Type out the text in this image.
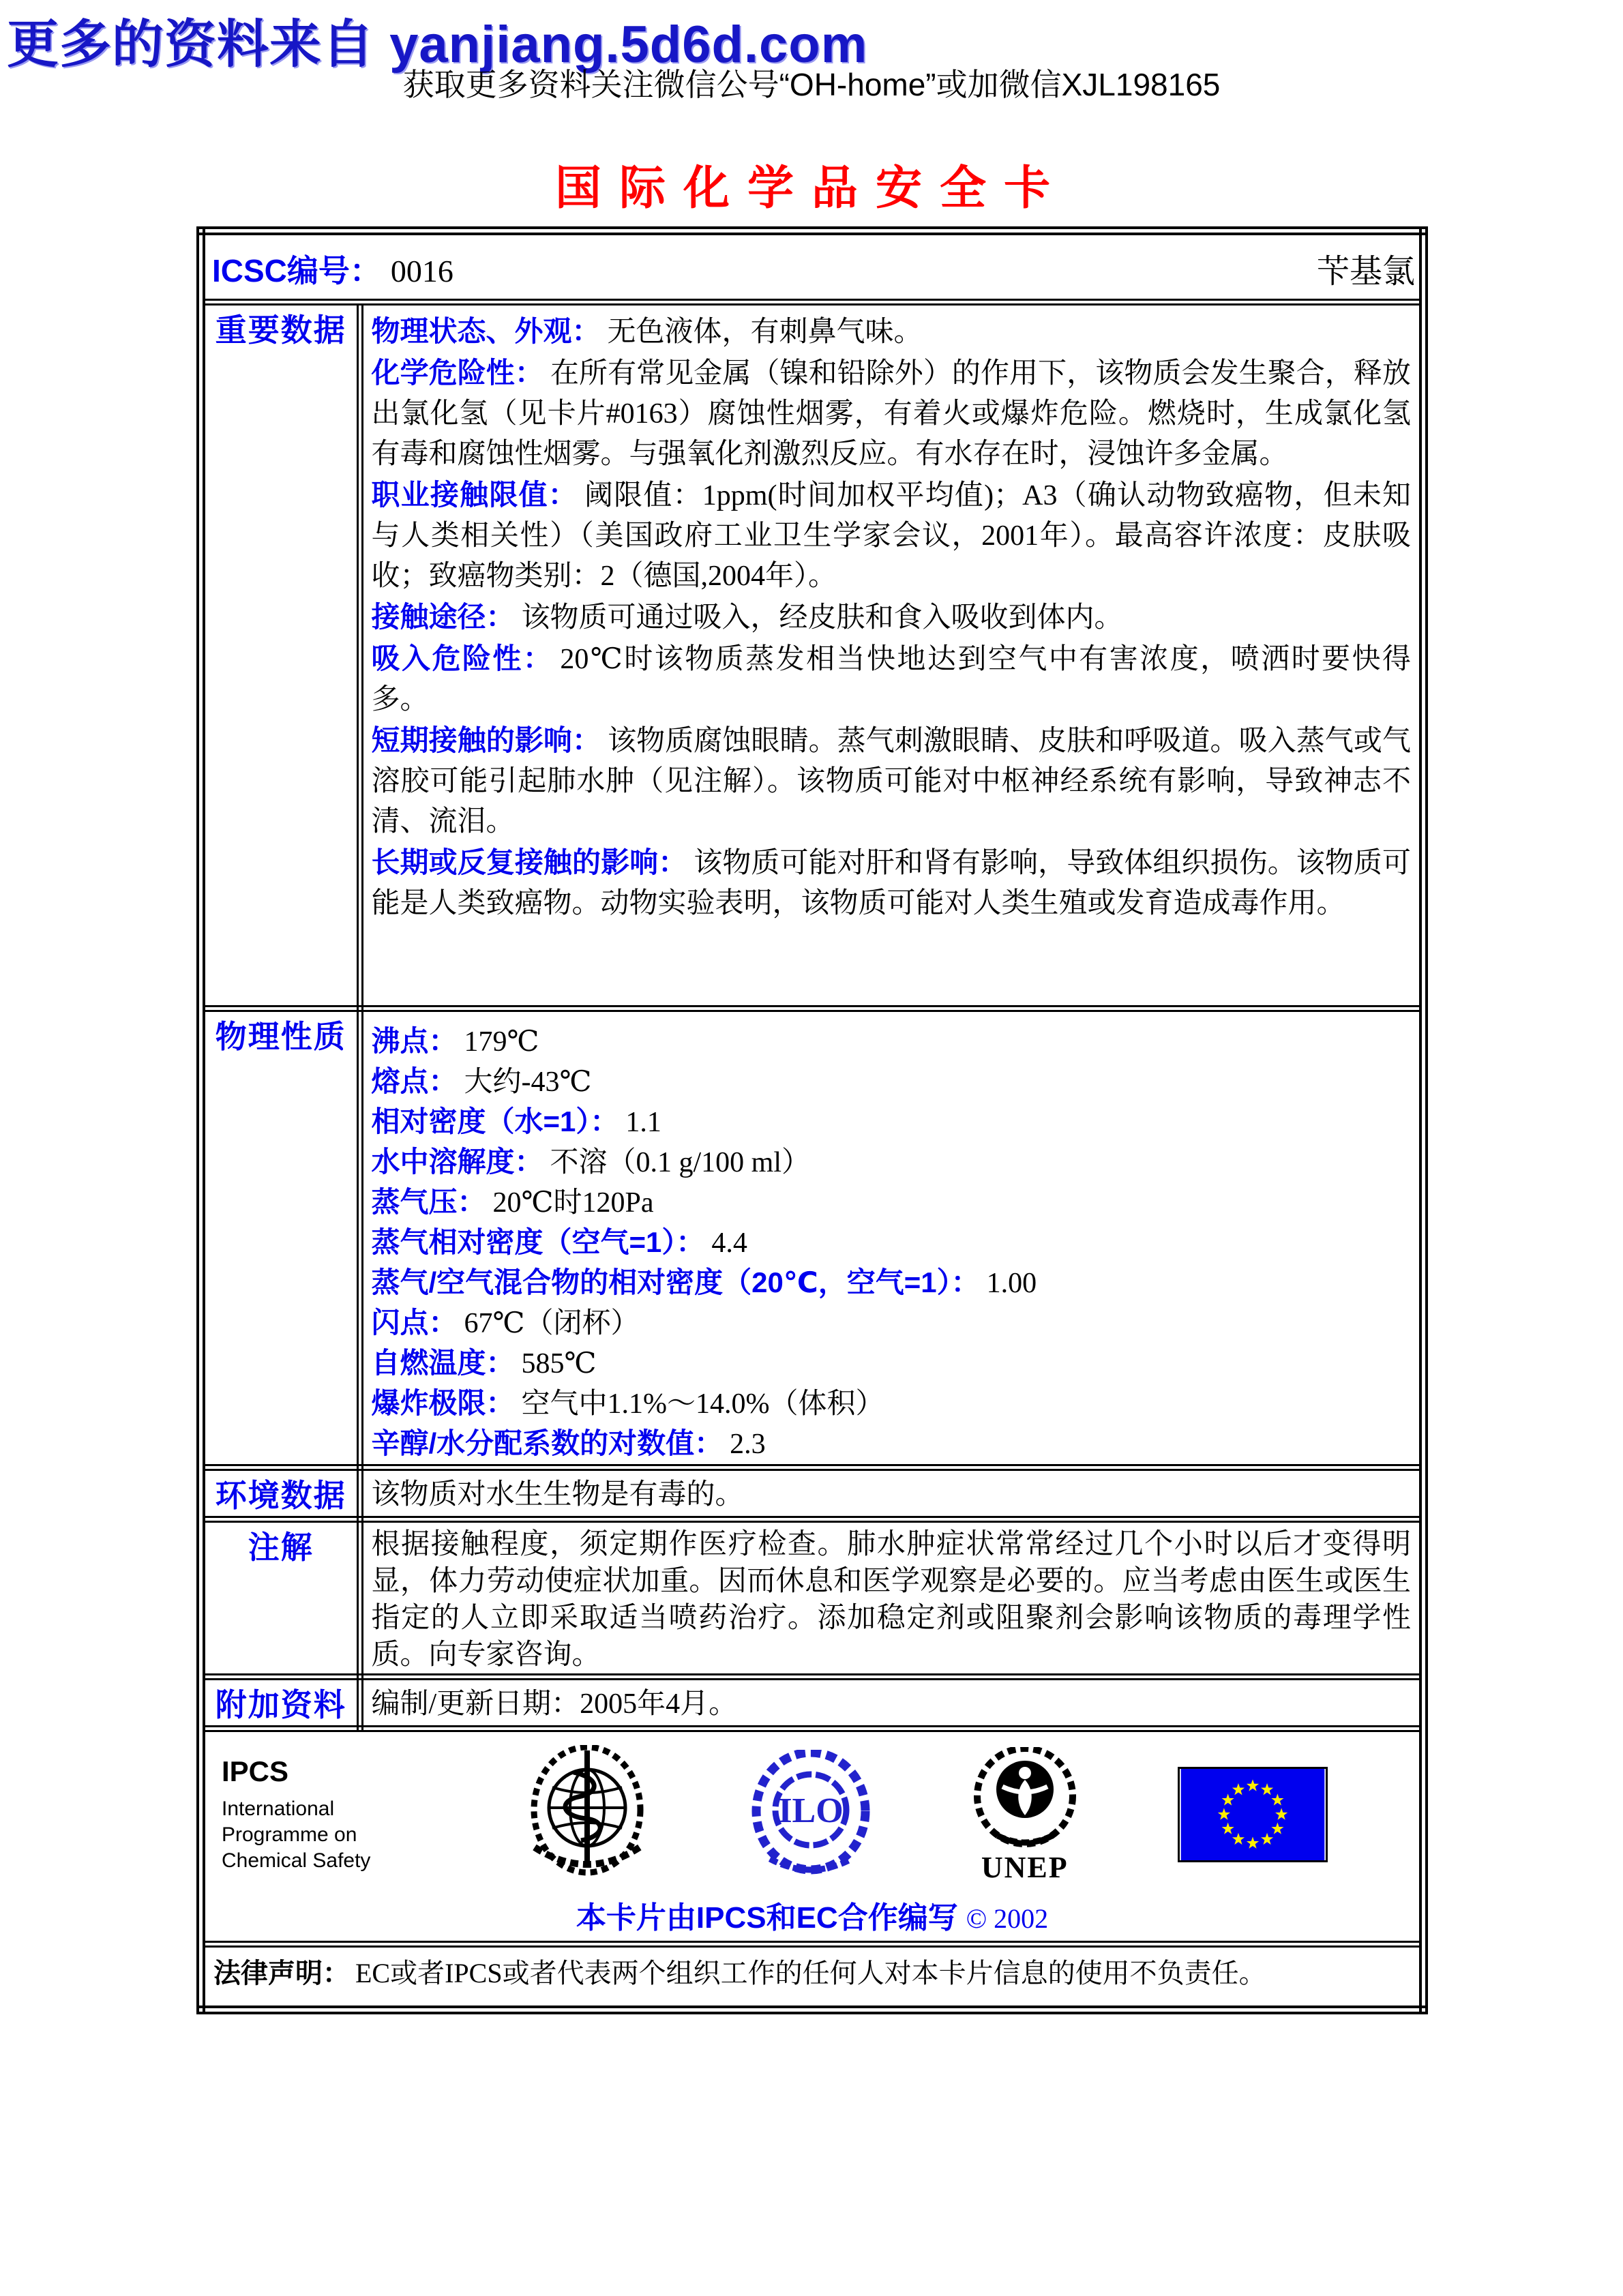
更多的资料来自 yanjiang.5d6d.com
获取更多资料关注微信公号“OH-home”或加微信XJL198165
国际化学品安全卡
ICSC编号： 0016 苄基氯	

重要数据	物理状态、外观： 无色液体，有刺鼻气味。

化学危险性： 在所有常见金属（镍和铅除外）的作用下，该物质会发生聚合，释放出氯化氢（见卡片#0163）腐蚀性烟雾，有着火或爆炸危险。燃烧时，生成氯化氢有毒和腐蚀性烟雾。与强氧化剂激烈反应。有水存在时，浸蚀许多金属。

职业接触限值： 阈限值：1ppm(时间加权平均值)；A3（确认动物致癌物，但未知与人类相关性）（美国政府工业卫生学家会议，2001年）。最高容许浓度：皮肤吸收；致癌物类别：2（德国,2004年）。

接触途径： 该物质可通过吸入，经皮肤和食入吸收到体内。

吸入危险性： 20℃时该物质蒸发相当快地达到空气中有害浓度，喷洒时要快得多。

短期接触的影响： 该物质腐蚀眼睛。蒸气刺激眼睛、皮肤和呼吸道。吸入蒸气或气溶胶可能引起肺水肿（见注解）。该物质可能对中枢神经系统有影响，导致神志不清、流泪。

长期或反复接触的影响： 该物质可能对肝和肾有影响，导致体组织损伤。该物质可能是人类致癌物。动物实验表明，该物质可能对人类生殖或发育造成毒作用。

物理性质	沸点： 179℃

熔点： 大约-43℃

相对密度（水=1）： 1.1

水中溶解度： 不溶（0.1 g/100 ml）

蒸气压： 20℃时120Pa

蒸气相对密度（空气=1）： 4.4

蒸气/空气混合物的相对密度（20℃，空气=1）： 1.00

闪点： 67℃（闭杯）

自燃温度： 585℃

爆炸极限： 空气中1.1%～14.0%（体积）

辛醇/水分配系数的对数值： 2.3

环境数据	该物质对水生生物是有毒的。
注解	根据接触程度，须定期作医疗检查。肺水肿症状常常经过几个小时以后才变得明显，体力劳动使症状加重。因而休息和医学观察是必要的。应当考虑由医生或医生指定的人立即采取适当喷药治疗。添加稳定剂或阻聚剂会影响该物质的毒理学性质。向专家咨询。
附加资料	编制/更新日期：2005年4月。

IPCS
International
Programme on
Chemical Safety
ILO
UNEP
本卡片由IPCS和EC合作编写 © 2002

法律声明： EC或者IPCS或者代表两个组织工作的任何人对本卡片信息的使用不负责任。	
